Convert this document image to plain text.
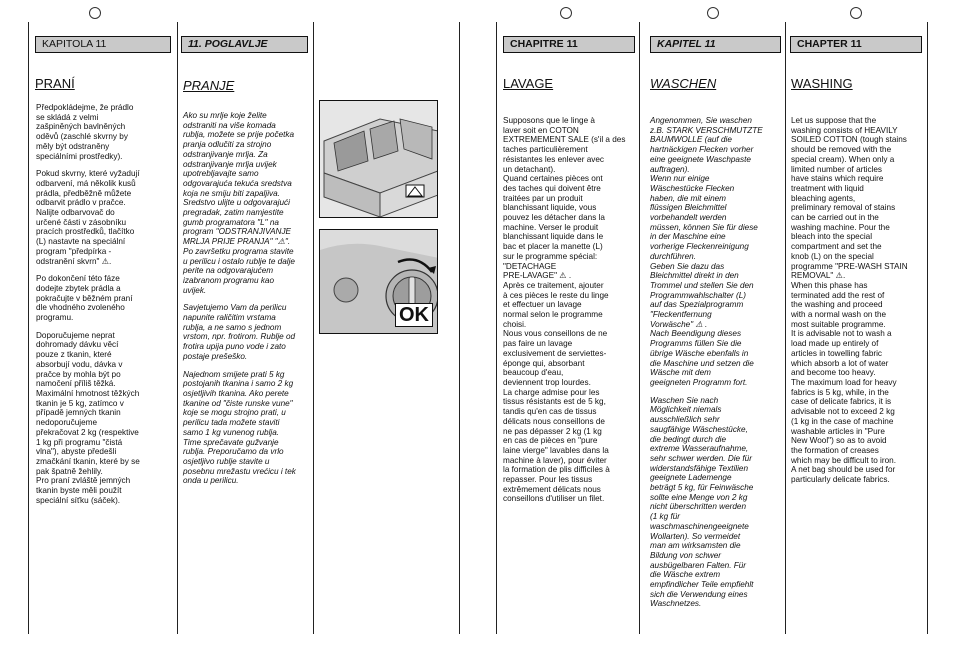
KAPITOLA 11
PRANÍ

Předpokládejme, že prádlo
se skládá z velmi
zašpiněných bavlněných
oděvů (zaschlé skvrny by
měly být odstraněny
speciálními prostředky).

Pokud skvrny, které vyžadují
odbarvení, má několik kusů
prádla, předběžně můžete
odbarvit prádlo v pračce.
Nalijte odbarvovač do
určené části v zásobníku
pracích prostředků, tlačítko
(L) nastavte na speciální
program "předpírka -
odstranění skvrn" ⚠.

Po dokončení této fáze
dodejte zbytek prádla a
pokračujte v běžném praní
dle vhodného zvoleného
programu.

Doporučujeme neprat
dohromady dávku věcí
pouze z tkanin, které
absorbují vodu, dávka v
pračce by mohla být po
namočení příliš těžká.
Maximální hmotnost těžkých
tkanin je 5 kg, zatímco v
případě jemných tkanin
nedoporučujeme
překračovat 2 kg (respektive
1 kg při programu "čistá
vlna"), abyste předešli
zmačkání tkanin, které by se
pak špatně žehlily.
Pro praní zvláště jemných
tkanin byste měli použít
speciální síťku (sáček).

11. POGLAVLJE
PRANJE

Ako su mrlje koje želite
odstraniti na više komada
rublja, možete se prije početka
pranja odlučiti za strojno
odstranjivanje mrlja. Za
odstranjivanje mrlja uvijek
upotrebljavajte samo
odgovarajuća tekuća sredstva
koja ne smiju biti zapaljiva.
Sredstvo ulijte u odgovarajući
pregradak, zatim namjestite
gumb programatora "L" na
program "ODSTRANJIVANJE
MRLJA PRIJE PRANJA" "⚠".
Po završetku programa stavite
u perilicu i ostalo rublje te dalje
perite na odgovarajućem
izabranom programu kao
uvijek.

Savjetujemo Vam da perilicu
napunite raličitim vrstama
rublja, a ne samo s jednom
vrstom, npr. frotirom. Rublje od
frotira upija puno vode i zato
postaje prešeško.

Najednom smijete prati 5 kg
postojanih tkanina i samo 2 kg
osjetljivih tkanina. Ako perete
tkanine od "čiste runske vune"
koje se mogu strojno prati, u
perilicu tada možete staviti
samo 1 kg vunenog rublja.
Time sprečavate gužvanje
rublja. Preporučamo da vrlo
osjetljivo rublje stavite u
posebnu mrežastu vrećicu i tek
onda u perilicu.

OK
CHAPITRE 11
LAVAGE

Supposons que le linge à
laver soit en COTON
EXTREMEMENT SALE (s'il a des
taches particulièrement
résistantes les enlever avec
un detachant).
Quand certaines pièces ont
des taches qui doivent être
traitées par un produit
blanchissant liquide, vous
pouvez les détacher dans la
machine. Verser le produit
blanchissant liquide dans le
bac et placer la manette (L)
sur le programme spécial:
"DETACHAGE
PRE-LAVAGE" ⚠ .
Après ce traitement, ajouter
à ces pièces le reste du linge
et effectuer un lavage
normal selon le programme
choisi.
Nous vous conseillons de ne
pas faire un lavage
exclusivement de serviettes-
éponge qui, absorbant
beaucoup d'eau,
deviennent trop lourdes.
La charge admise pour les
tissus résistants est de 5 kg,
tandis qu'en cas de tissus
délicats nous conseillons de
ne pas dépasser 2 kg (1 kg
en cas de pièces en "pure
laine vierge" lavables dans la
machine à laver), pour éviter
la formation de plis difficiles à
repasser. Pour les tissus
extrêmement délicats nous
conseillons d'utiliser un filet.

KAPITEL 11
WASCHEN

Angenommen, Sie waschen
z.B. STARK VERSCHMUTZTE
BAUMWOLLE (auf die
hartnäckigen Flecken vorher
eine geeignete Waschpaste
auftragen).
Wenn nur einige
Wäschestücke Flecken
haben, die mit einem
flüssigen Bleichmittel
vorbehandelt werden
müssen, können Sie für diese
in der Maschine eine
vorherige Fleckenreinigung
durchführen.
Geben Sie dazu das
Bleichmittel direkt in den
Trommel und stellen Sie den
Programmwahlschalter (L)
auf das Spezialprogramm
"Fleckentfernung
Vorwäsche" ⚠ .
Nach Beendigung dieses
Programms füllen Sie die
übrige Wäsche ebenfalls in
die Maschine und setzen die
Wäsche mit dem
geeigneten Programm fort.

Waschen Sie nach
Möglichkeit niemals
ausschließlich sehr
saugfähige Wäschestücke,
die bedingt durch die
extreme Wasseraufnahme,
sehr schwer werden. Die für
widerstandsfähige Textilien
geeignete Lademenge
beträgt 5 kg, für Feinwäsche
sollte eine Menge von 2 kg
nicht überschritten werden
(1 kg für
waschmaschinengeeignete
Wollarten). So vermeidet
man am wirksamsten die
Bildung von schwer
ausbügelbaren Falten. Für
die Wäsche extrem
empfindlicher Teile empfiehlt
sich die Verwendung eines
Waschnetzes.

CHAPTER 11
WASHING

Let us suppose that the
washing consists of HEAVILY
SOILED COTTON (tough stains
should be removed with the
special cream). When only a
limited number of articles
have stains which require
treatment with liquid
bleaching agents,
preliminary removal of stains
can be carried out in the
washing machine. Pour the
bleach into the special
compartment and set the
knob (L) on the special
programme "PRE-WASH STAIN
REMOVAL" ⚠.
When this phase has
terminated add the rest of
the washing and proceed
with a normal wash on the
most suitable programme.
It is advisable not to wash a
load made up entirely of
articles in towelling fabric
which absorb a lot of water
and become too heavy.
The maximum load for heavy
fabrics is 5 kg, while, in the
case of delicate fabrics, it is
advisable not to exceed 2 kg
(1 kg in the case of machine
washable articles in "Pure
New Wool") so as to avoid
the formation of creases
which may be difficult to iron.
A net bag should be used for
particularly delicate fabrics.
